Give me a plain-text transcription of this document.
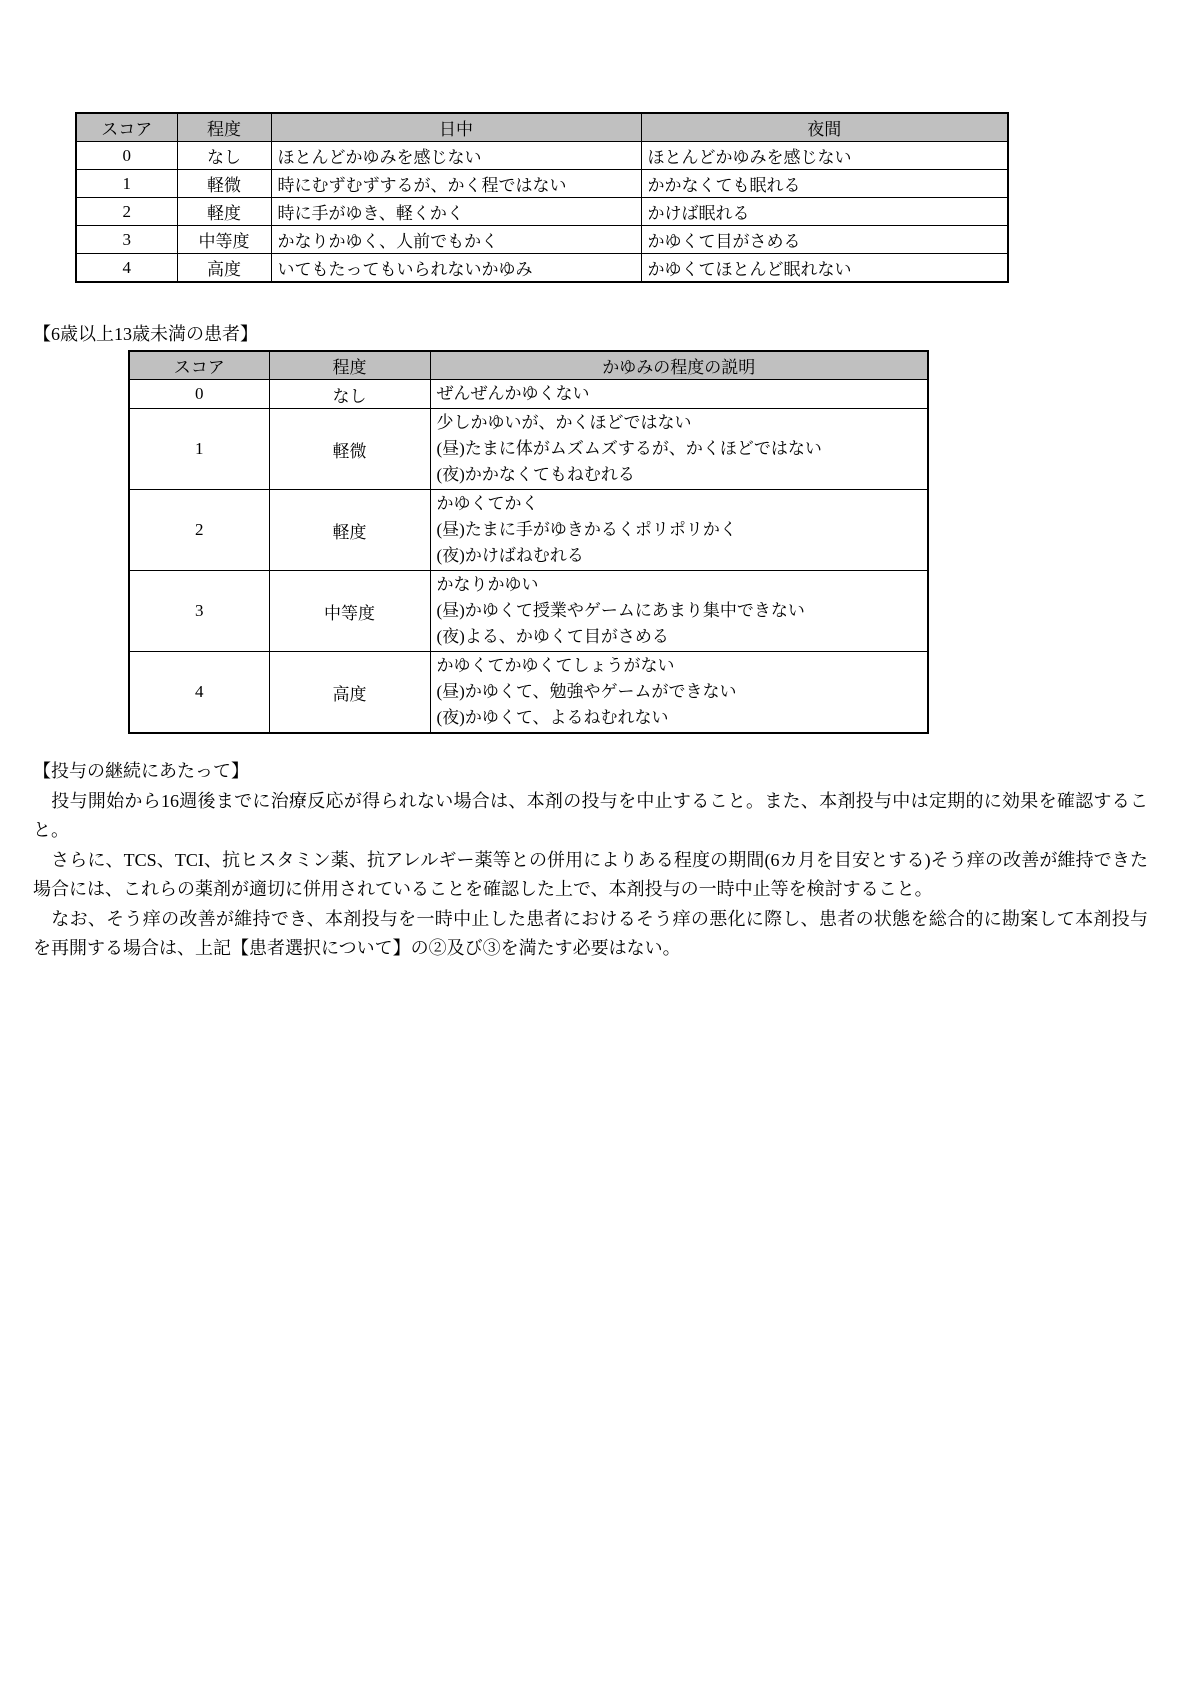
スコア	程度	日中	夜間
0	なし	ほとんどかゆみを感じない	ほとんどかゆみを感じない
1	軽微	時にむずむずするが、かく程ではない	かかなくても眠れる
2	軽度	時に手がゆき、軽くかく	かけば眠れる
3	中等度	かなりかゆく、人前でもかく	かゆくて目がさめる
4	高度	いてもたってもいられないかゆみ	かゆくてほとんど眠れない
【6歳以上13歳未満の患者】
スコア	程度	かゆみの程度の説明
0	なし	ぜんぜんかゆくない

1	軽微	少しかゆいが、かくほどではない
(昼)たまに体がムズムズするが、かくほどではない
(夜)かかなくてもねむれる

2	軽度	かゆくてかく
(昼)たまに手がゆきかるくポリポリかく
(夜)かけばねむれる

3	中等度	かなりかゆい
(昼)かゆくて授業やゲームにあまり集中できない
(夜)よる、かゆくて目がさめる

4	高度	かゆくてかゆくてしょうがない
(昼)かゆくて、勉強やゲームができない
(夜)かゆくて、よるねむれない
【投与の継続にあたって】

　投与開始から16週後までに治療反応が得られない場合は、本剤の投与を中止すること。また、本剤投与中は定期的に効果を確認すること。

　さらに、TCS、TCI、抗ヒスタミン薬、抗アレルギー薬等との併用によりある程度の期間(6カ月を目安とする)そう痒の改善が維持できた場合には、これらの薬剤が適切に併用されていることを確認した上で、本剤投与の一時中止等を検討すること。

　なお、そう痒の改善が維持でき、本剤投与を一時中止した患者におけるそう痒の悪化に際し、患者の状態を総合的に勘案して本剤投与を再開する場合は、上記【患者選択について】の②及び③を満たす必要はない。
